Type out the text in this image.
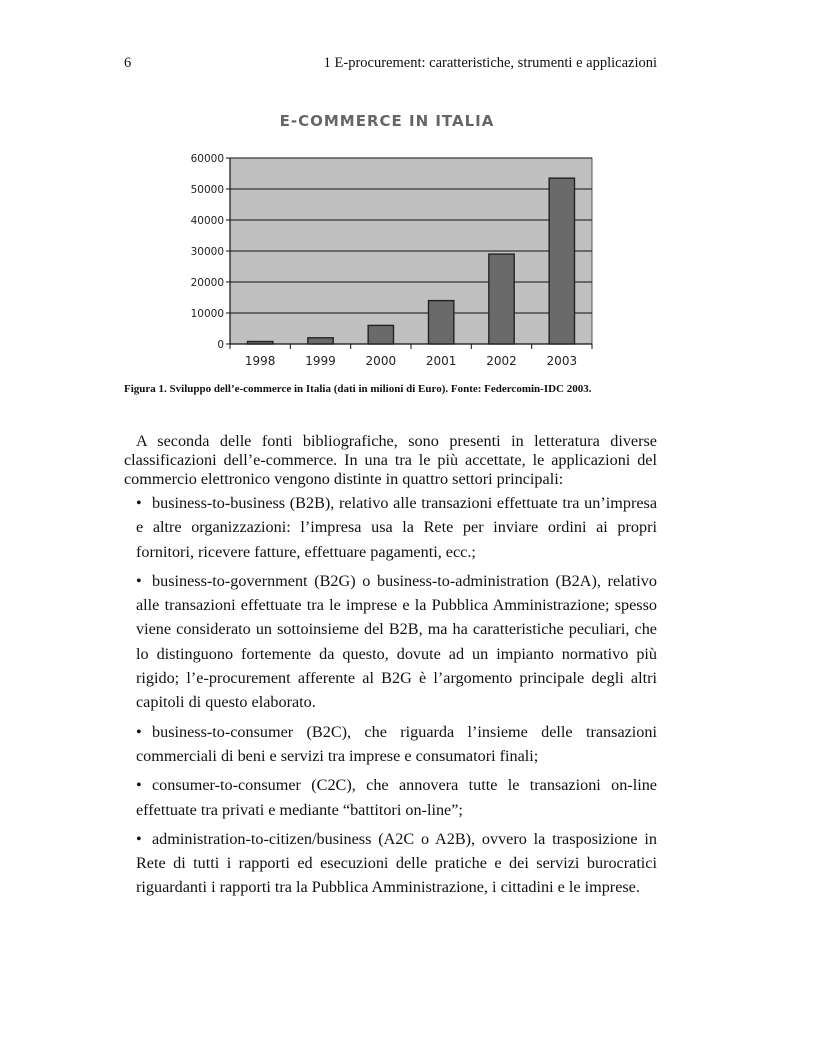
6	1 E-procurement: caratteristiche, strumenti e applicazioni
E-COMMERCE IN ITALIA
0
10000
20000
30000
40000
50000
60000
1998 1999 2000 2001 2002 2003
Figura 1. Sviluppo dell’e-commerce in Italia (dati in milioni di Euro). Fonte: Federcomin-IDC 2003.

A seconda delle fonti bibliografiche, sono presenti in letteratura diverse classificazioni dell’e-commerce. In una tra le più accettate, le applicazioni del commercio elettronico vengono distinte in quattro settori principali:

• business-to-business (B2B), relativo alle transazioni effettuate tra un’impresa e altre organizzazioni: l’impresa usa la Rete per inviare ordini ai propri fornitori, ricevere fatture, effettuare pagamenti, ecc.;
• business-to-government (B2G) o business-to-administration (B2A), relativo alle transazioni effettuate tra le imprese e la Pubblica Amministrazione; spesso viene considerato un sottoinsieme del B2B, ma ha caratteristiche peculiari, che lo distinguono fortemente da questo, dovute ad un impianto normativo più rigido; l’e-procurement afferente al B2G è l’argomento principale degli altri capitoli di questo elaborato.
• business-to-consumer (B2C), che riguarda l’insieme delle transazioni commerciali di beni e servizi tra imprese e consumatori finali;
• consumer-to-consumer (C2C), che annovera tutte le transazioni on-line effettuate tra privati e mediante “battitori on-line”;
• administration-to-citizen/business (A2C o A2B), ovvero la trasposizione in Rete di tutti i rapporti ed esecuzioni delle pratiche e dei servizi burocratici riguardanti i rapporti tra la Pubblica Amministrazione, i cittadini e le imprese.
